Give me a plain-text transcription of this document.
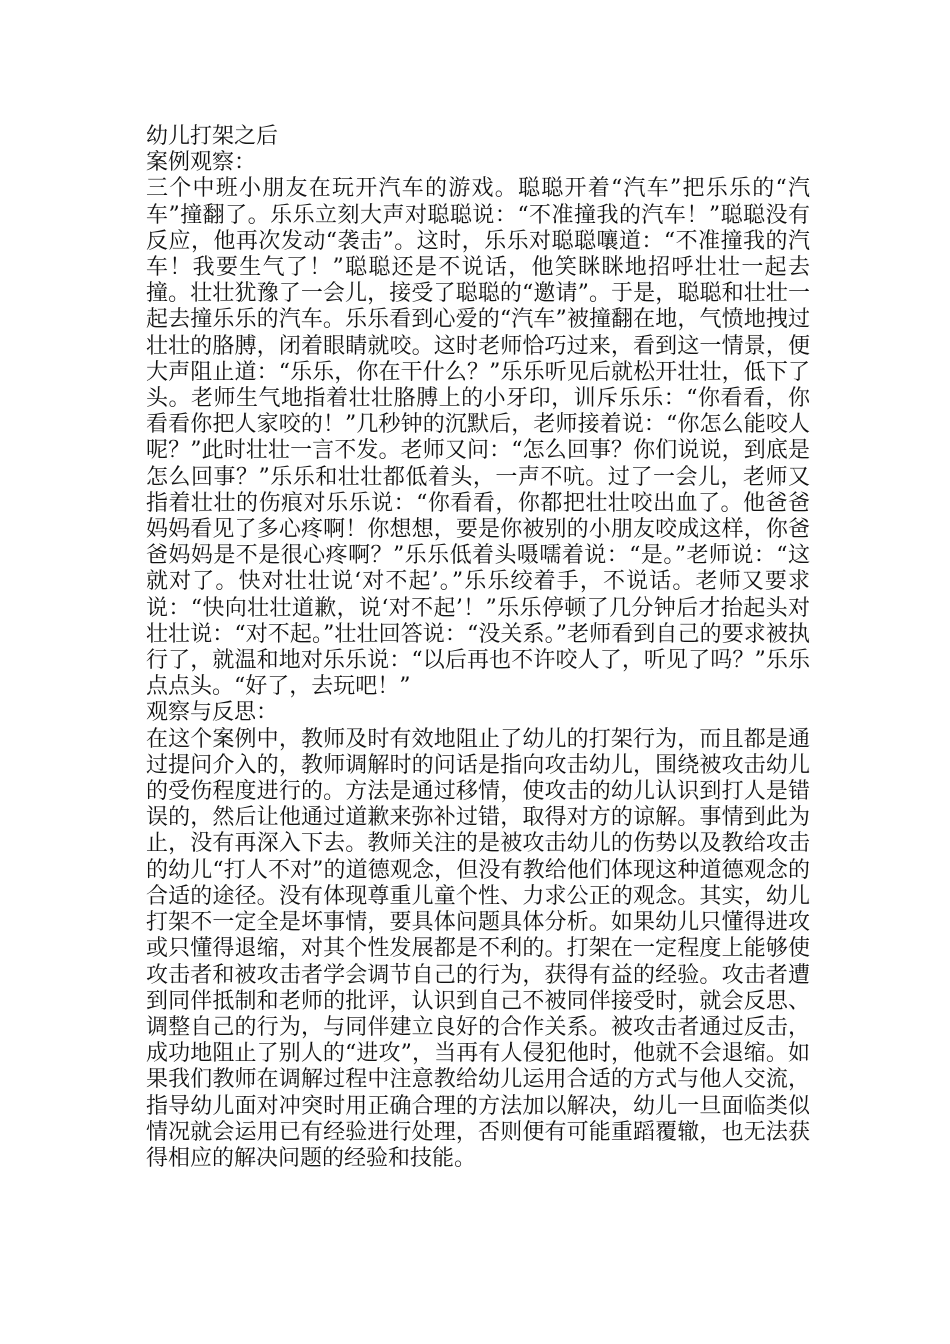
幼儿打架之后

案例观察：

三个中班小朋友在玩开汽车的游戏。聪聪开着“汽车”把乐乐的“汽车”撞翻了。乐乐立刻大声对聪聪说：“不准撞我的汽车！”聪聪没有反应，他再次发动“袭击”。这时，乐乐对聪聪嚷道：“不准撞我的汽车！我要生气了！”聪聪还是不说话，他笑眯眯地招呼壮壮一起去撞。壮壮犹豫了一会儿，接受了聪聪的“邀请”。于是，聪聪和壮壮一起去撞乐乐的汽车。乐乐看到心爱的“汽车”被撞翻在地，气愤地拽过壮壮的胳膊，闭着眼睛就咬。这时老师恰巧过来，看到这一情景，便大声阻止道：“乐乐，你在干什么？”乐乐听见后就松开壮壮，低下了头。老师生气地指着壮壮胳膊上的小牙印，训斥乐乐：“你看看，你看看你把人家咬的！”几秒钟的沉默后，老师接着说：“你怎么能咬人呢？”此时壮壮一言不发。老师又问：“怎么回事？你们说说，到底是怎么回事？”乐乐和壮壮都低着头，一声不吭。过了一会儿，老师又指着壮壮的伤痕对乐乐说：“你看看，你都把壮壮咬出血了。他爸爸妈妈看见了多心疼啊！你想想，要是你被别的小朋友咬成这样，你爸爸妈妈是不是很心疼啊？”乐乐低着头嗫嚅着说：“是。”老师说：“这就对了。快对壮壮说‘对不起’。”乐乐绞着手，不说话。老师又要求说：“快向壮壮道歉，说‘对不起’！”乐乐停顿了几分钟后才抬起头对壮壮说：“对不起。”壮壮回答说：“没关系。”老师看到自己的要求被执行了，就温和地对乐乐说：“以后再也不许咬人了，听见了吗？”乐乐点点头。“好了，去玩吧！”

观察与反思：

在这个案例中，教师及时有效地阻止了幼儿的打架行为，而且都是通过提问介入的，教师调解时的问话是指向攻击幼儿，围绕被攻击幼儿的受伤程度进行的。方法是通过移情，使攻击的幼儿认识到打人是错误的，然后让他通过道歉来弥补过错，取得对方的谅解。事情到此为止，没有再深入下去。教师关注的是被攻击幼儿的伤势以及教给攻击的幼儿“打人不对”的道德观念，但没有教给他们体现这种道德观念的合适的途径。没有体现尊重儿童个性、力求公正的观念。其实，幼儿打架不一定全是坏事情，要具体问题具体分析。如果幼儿只懂得进攻或只懂得退缩，对其个性发展都是不利的。打架在一定程度上能够使攻击者和被攻击者学会调节自己的行为，获得有益的经验。攻击者遭到同伴抵制和老师的批评，认识到自己不被同伴接受时，就会反思、调整自己的行为，与同伴建立良好的合作关系。被攻击者通过反击，成功地阻止了别人的“进攻”，当再有人侵犯他时，他就不会退缩。如果我们教师在调解过程中注意教给幼儿运用合适的方式与他人交流，指导幼儿面对冲突时用正确合理的方法加以解决，幼儿一旦面临类似情况就会运用已有经验进行处理，否则便有可能重蹈覆辙，也无法获得相应的解决问题的经验和技能。
